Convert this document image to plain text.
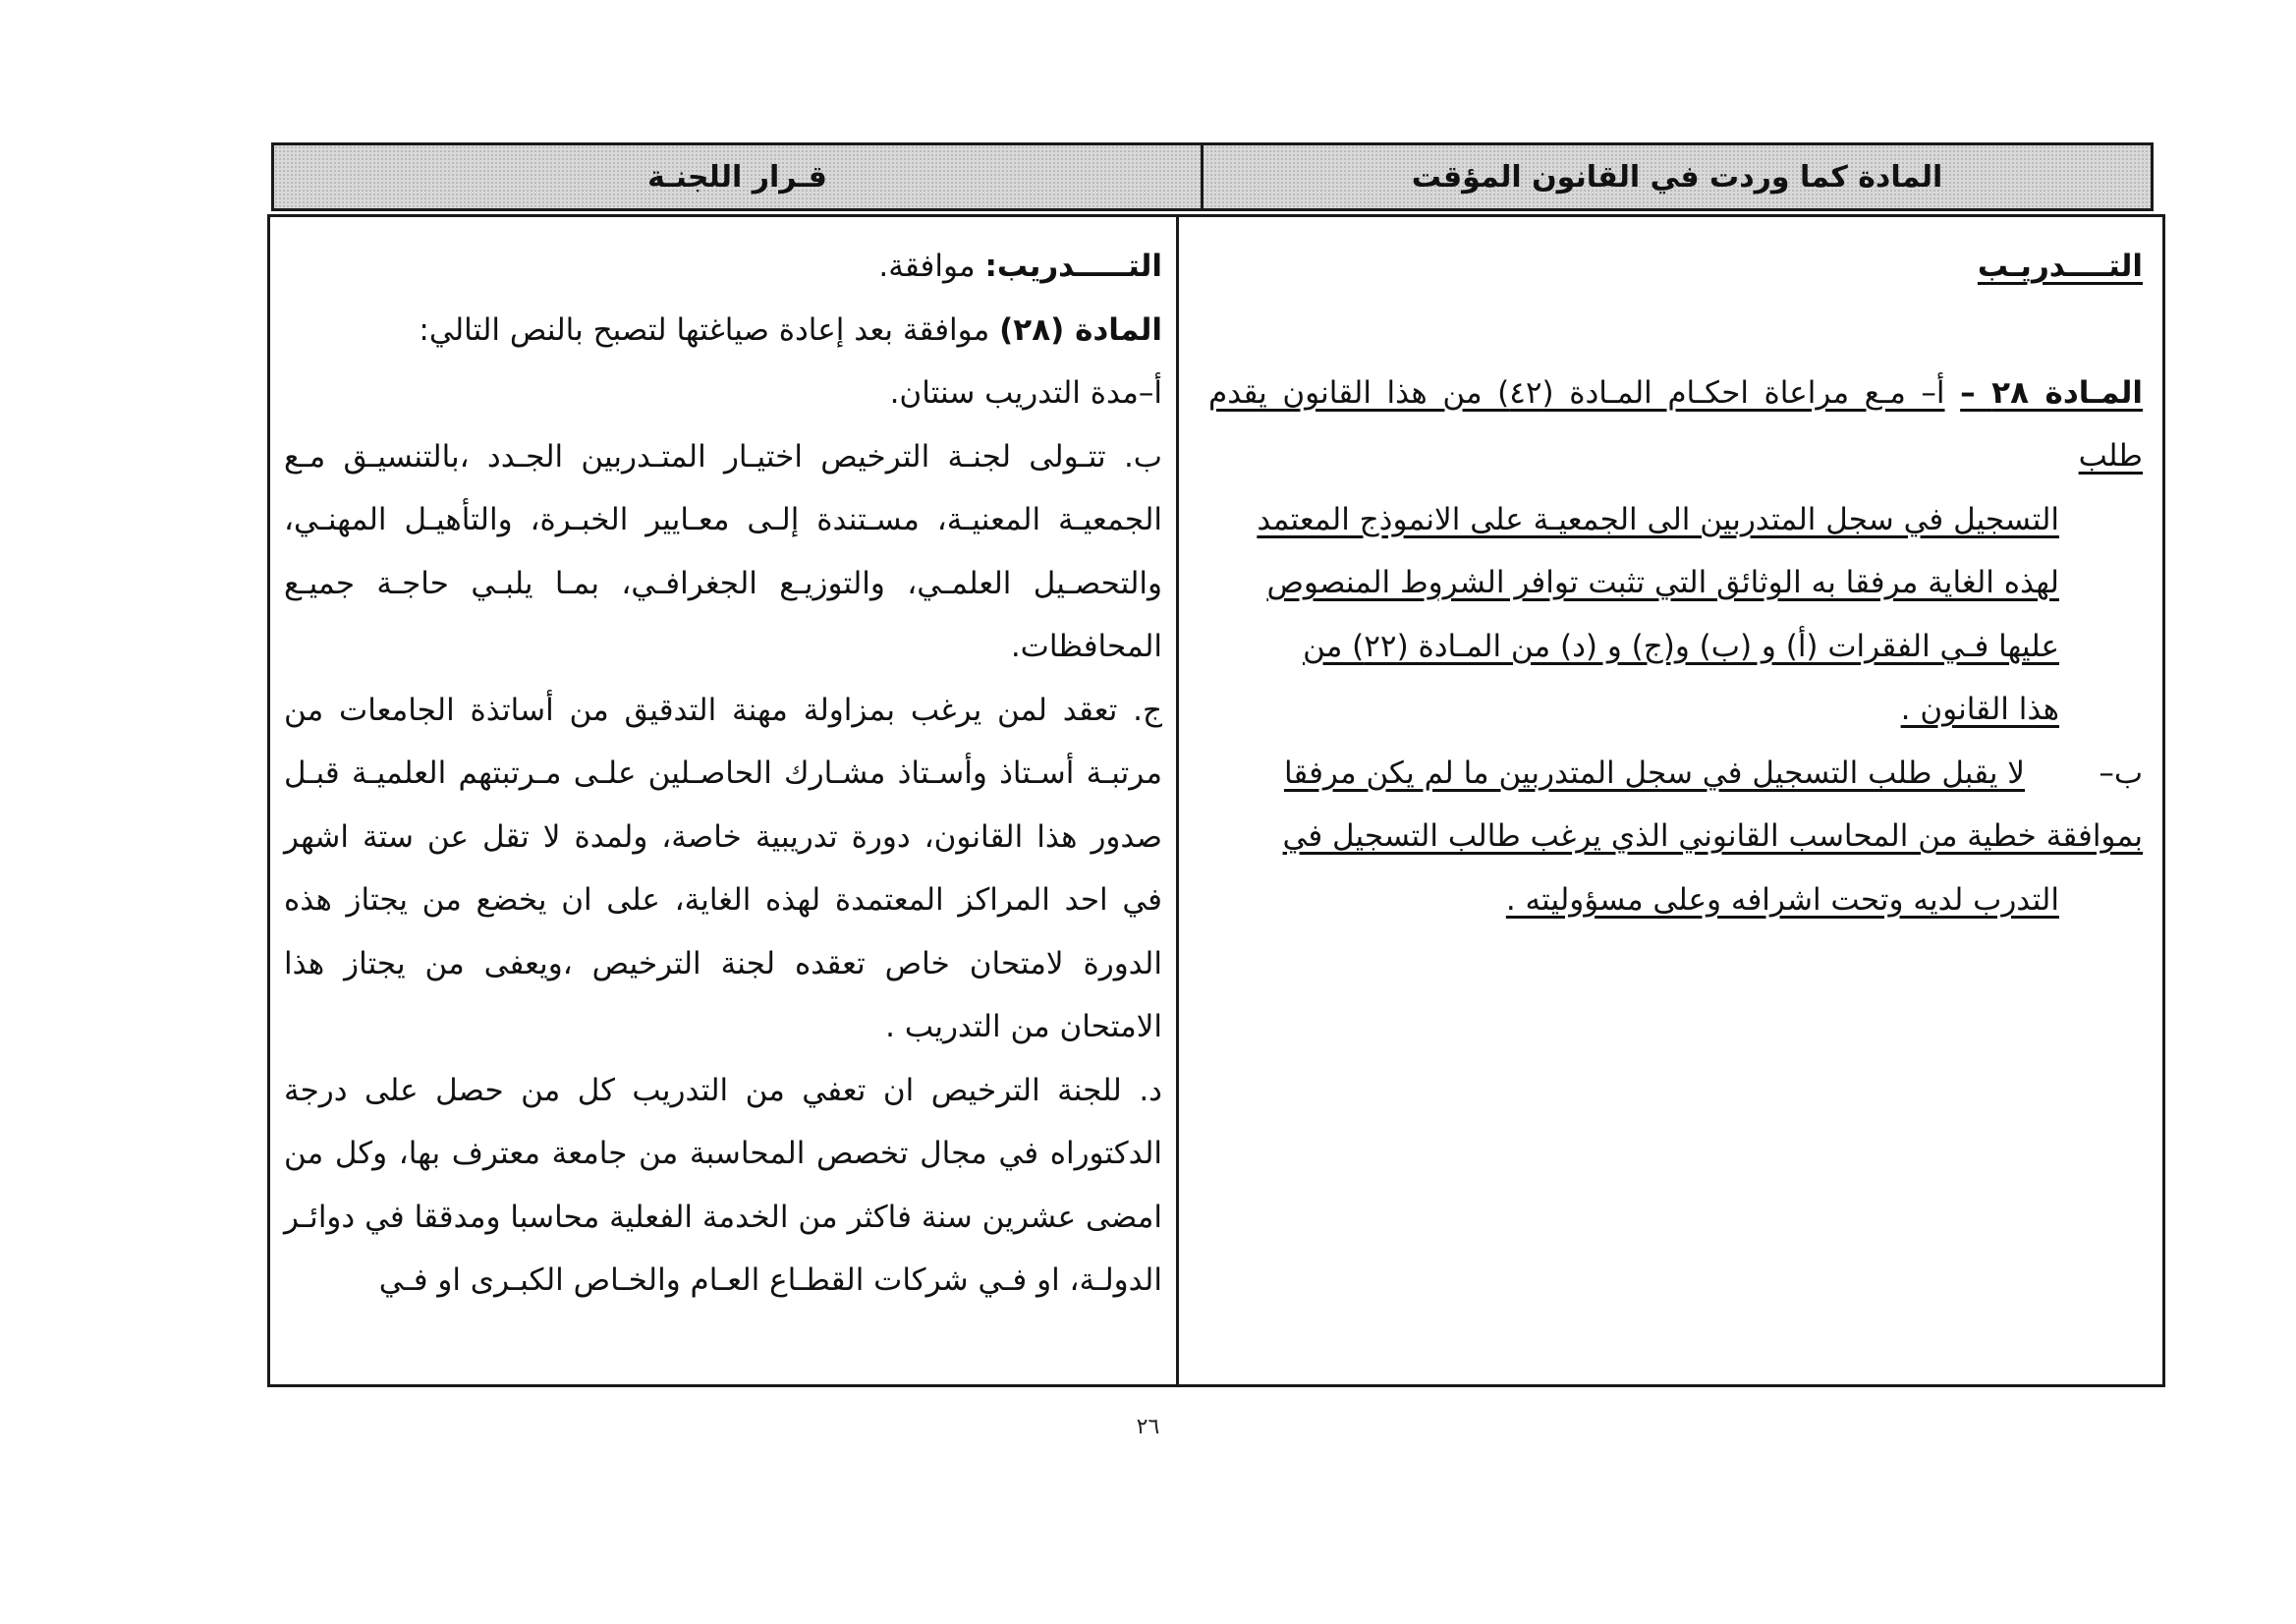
المادة كما وردت في القانون المؤقت
قـرار اللجنـة

التــــدريـب

المـادة ٢٨ – أ– مـع مراعاة احكـام المـادة (٤٢) من هذا القانون يقدم طلب

التسجيل في سجل المتدربين الى الجمعيـة على الانموذج المعتمد

لهذه الغاية مرفقا به الوثائق التي تثبت توافر الشروط المنصوص

عليها فـي الفقرات (أ) و (ب) و(ج) و (د) من المـادة (٢٢) من

هذا القانون .

ب–
لا يقبل طلب التسجيل في سجل المتدربين ما لم يكن مرفقا

بموافقة خطية من المحاسب القانوني الذي يرغب طالب التسجيل في

التدرب لديه وتحت اشرافه وعلى مسؤوليته .

التـــــدريب: موافقة.

المادة (٢٨) موافقة بعد إعادة صياغتها لتصبح بالنص التالي:

أ–مدة التدريب سنتان.

ب. تتـولى لجنـة الترخيص اختيـار المتـدربين الجـدد ،بالتنسيـق مـع الجمعيـة المعنيـة، مسـتندة إلـى معـايير الخبـرة، والتأهيـل المهنـي، والتحصـيل العلمـي، والتوزيـع الجغرافـي، بمـا يلبـي حاجـة جميـع المحافظات.

ج. تعقد لمن يرغب بمزاولة مهنة التدقيق من أساتذة الجامعات من مرتبـة أسـتاذ وأسـتاذ مشـارك الحاصـلين علـى مـرتبتهم العلميـة قبـل صدور هذا القانون، دورة تدريبية خاصة، ولمدة لا تقل عن ستة اشهر في احد المراكز المعتمدة لهذه الغاية، على ان يخضع من يجتاز هذه الدورة لامتحان خاص تعقده لجنة الترخيص ،ويعفى من يجتاز هذا الامتحان من التدريب .

د. للجنة الترخيص ان تعفي من التدريب كل من حصل على درجة الدكتوراه في مجال تخصص المحاسبة من جامعة معترف بها، وكل من امضى عشرين سنة فاكثر من الخدمة الفعلية محاسبا ومدققا في دوائـر الدولـة، او فـي شركات القطـاع العـام والخـاص الكبـرى او فـي

٢٦
